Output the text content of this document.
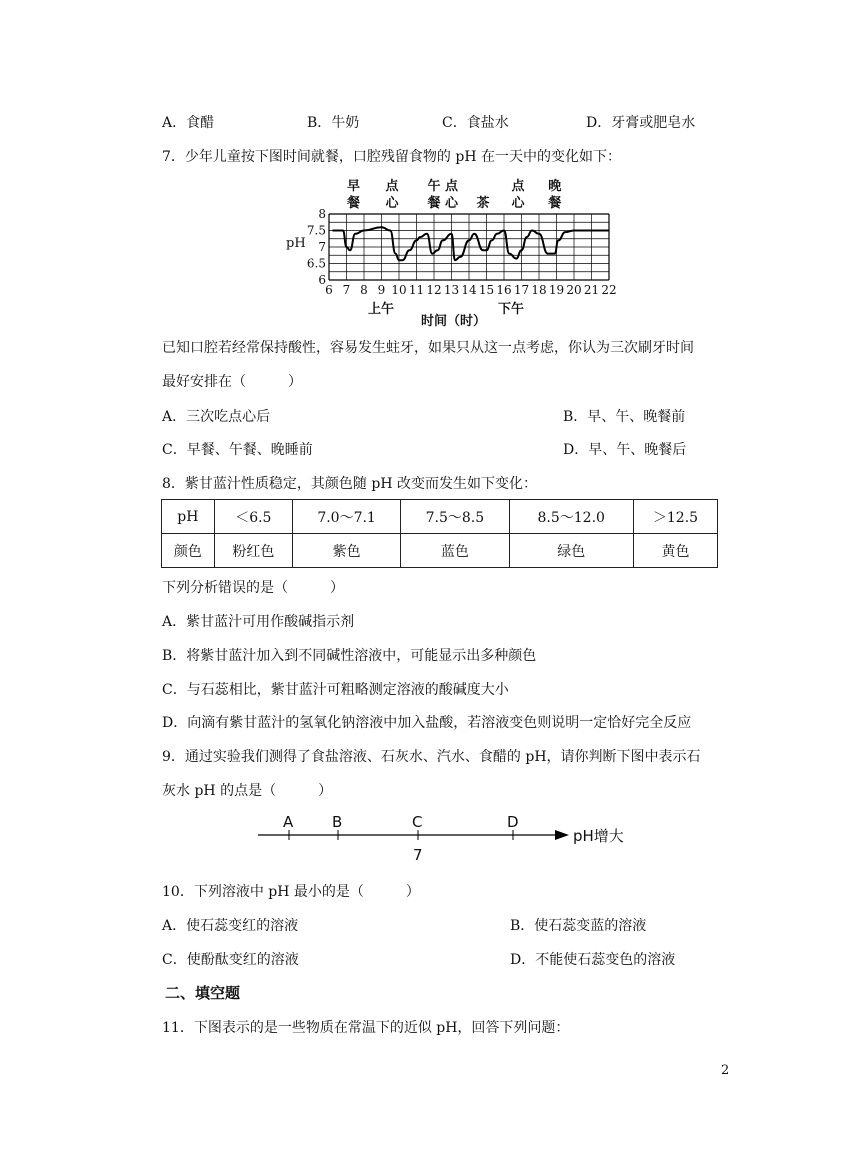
A．食醋	B．牛奶	C．食盐水	D．牙膏或肥皂水
7．少年儿童按下图时间就餐，口腔残留食物的 pH 在一天中的变化如下：
早
餐
点
心
午
餐
点
心 茶
点
心
晚
餐
8
7.5
7
6.5
6
pH
6 7 8 9 10 11 12 13 14 15 16 17 18 19 20 21 22
上午	下午
时间（时）
已知口腔若经常保持酸性，容易发生蛀牙，如果只从这一点考虑，你认为三次刷牙时间
最好安排在（　　　）
A．三次吃点心后	B．早、午、晚餐前
C．早餐、午餐、晚睡前	D．早、午、晚餐后
8．紫甘蓝汁性质稳定，其颜色随 pH 改变而发生如下变化：
pH	＜6.5	7.0～7.1	7.5～8.5	8.5～12.0	＞12.5
颜色	粉红色	紫色	蓝色	绿色	黄色
下列分析错误的是（　　　）
A．紫甘蓝汁可用作酸碱指示剂
B．将紫甘蓝汁加入到不同碱性溶液中，可能显示出多种颜色
C．与石蕊相比，紫甘蓝汁可粗略测定溶液的酸碱度大小
D．向滴有紫甘蓝汁的氢氧化钠溶液中加入盐酸，若溶液变色则说明一定恰好完全反应
9．通过实验我们测得了食盐溶液、石灰水、汽水、食醋的 pH，请你判断下图中表示石
灰水 pH 的点是（　　　）
A	B	C	D
7
pH增大
10．下列溶液中 pH 最小的是（　　　）
A．使石蕊变红的溶液	B．使石蕊变蓝的溶液
C．使酚酞变红的溶液	D．不能使石蕊变色的溶液
二、填空题
11．下图表示的是一些物质在常温下的近似 pH，回答下列问题：
2
